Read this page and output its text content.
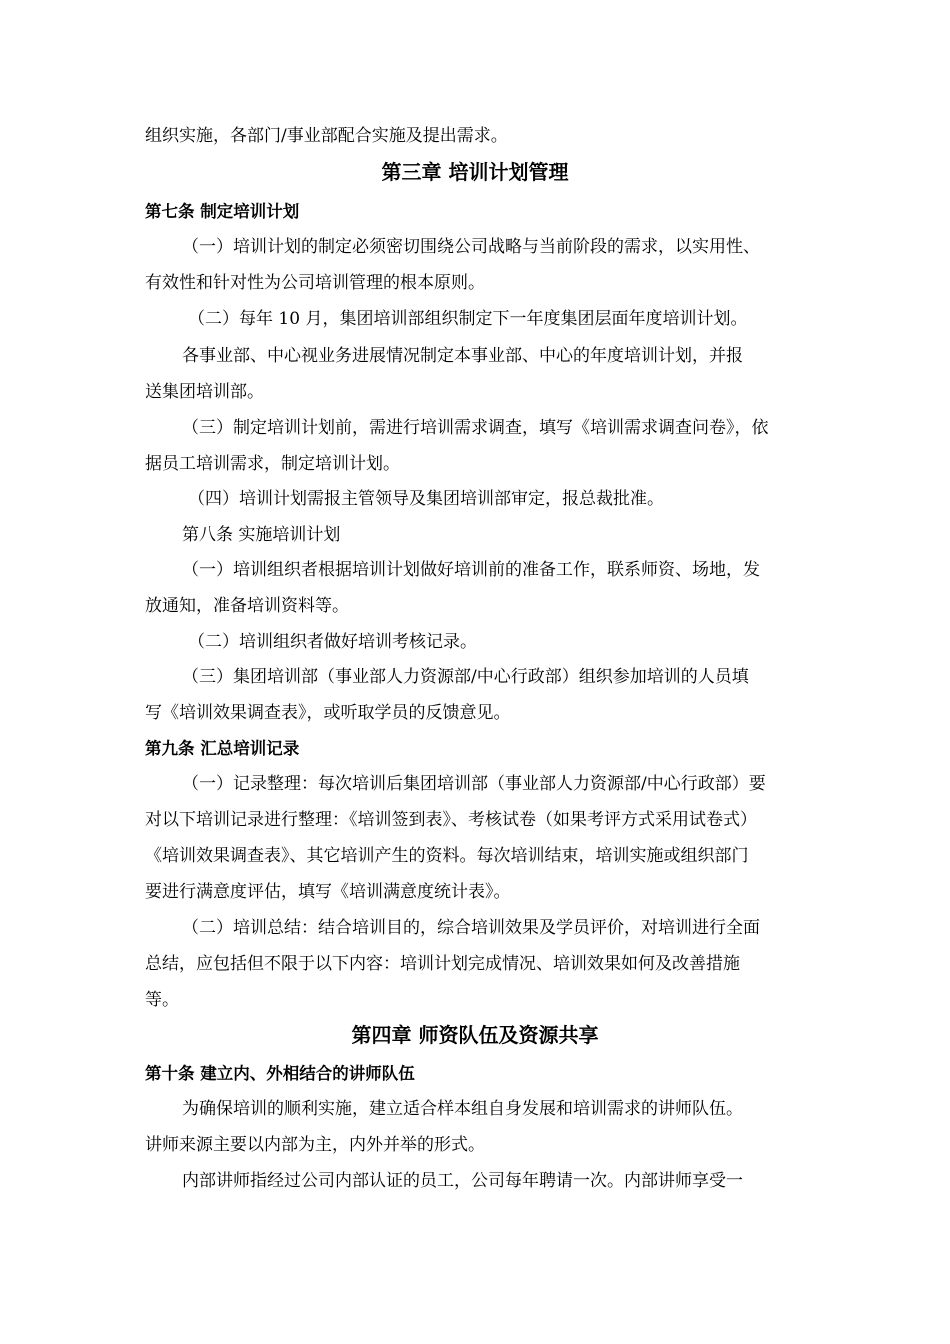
组织实施，各部门/事业部配合实施及提出需求。

第三章 培训计划管理

第七条 制定培训计划

（一）培训计划的制定必须密切围绕公司战略与当前阶段的需求，以实用性、

有效性和针对性为公司培训管理的根本原则。

（二）每年 10 月，集团培训部组织制定下一年度集团层面年度培训计划。

各事业部、中心视业务进展情况制定本事业部、中心的年度培训计划，并报

送集团培训部。

（三）制定培训计划前，需进行培训需求调查，填写《培训需求调查问卷》，依

据员工培训需求，制定培训计划。

（四）培训计划需报主管领导及集团培训部审定，报总裁批准。

第八条 实施培训计划

（一）培训组织者根据培训计划做好培训前的准备工作，联系师资、场地，发

放通知，准备培训资料等。

（二）培训组织者做好培训考核记录。

（三）集团培训部（事业部人力资源部/中心行政部）组织参加培训的人员填

写《培训效果调查表》，或听取学员的反馈意见。

第九条 汇总培训记录

（一）记录整理：每次培训后集团培训部（事业部人力资源部/中心行政部）要

对以下培训记录进行整理：《培训签到表》、考核试卷（如果考评方式采用试卷式）

《培训效果调查表》、其它培训产生的资料。每次培训结束，培训实施或组织部门

要进行满意度评估，填写《培训满意度统计表》。

（二）培训总结：结合培训目的，综合培训效果及学员评价，对培训进行全面

总结，应包括但不限于以下内容：培训计划完成情况、培训效果如何及改善措施

等。

第四章 师资队伍及资源共享

第十条 建立内、外相结合的讲师队伍

为确保培训的顺利实施，建立适合样本组自身发展和培训需求的讲师队伍。

讲师来源主要以内部为主，内外并举的形式。

内部讲师指经过公司内部认证的员工，公司每年聘请一次。内部讲师享受一
